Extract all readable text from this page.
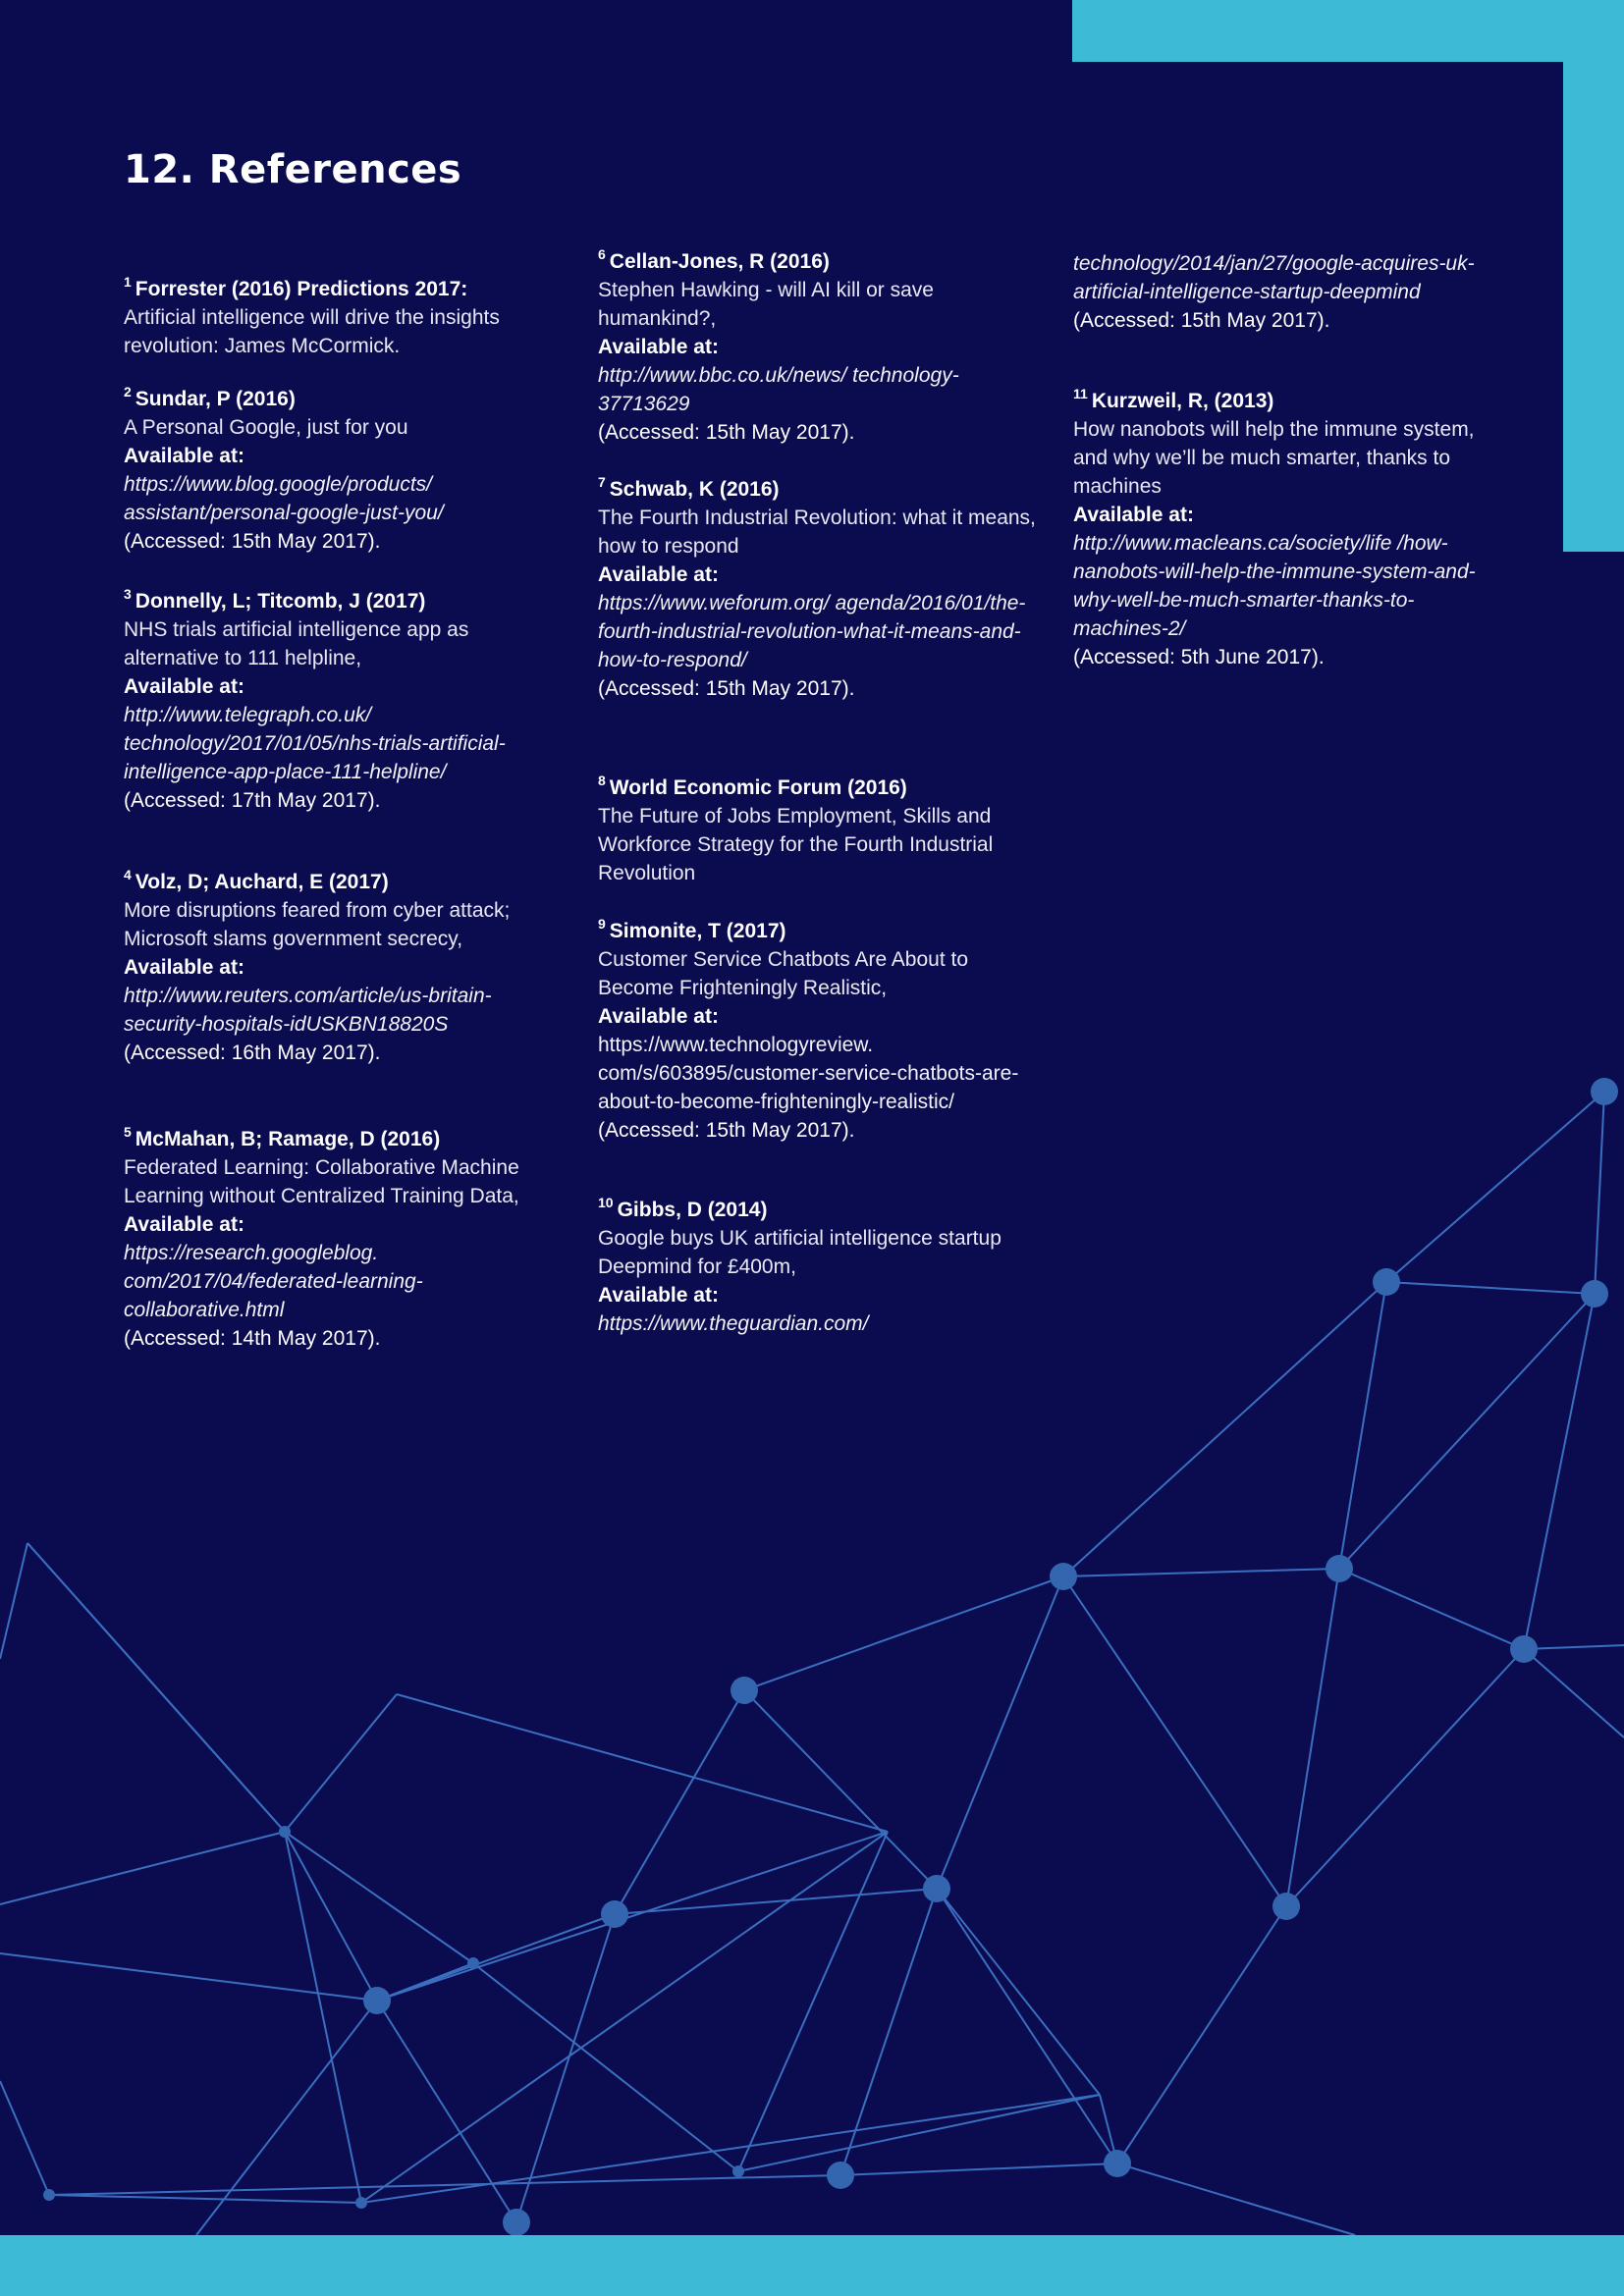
12. References
$^1$ Forrester (2016) Predictions 2017:
Artificial intelligence will drive the insights revolution: James McCormick.
$^2$ Sundar, P (2016)
A Personal Google, just for you
Available at:
https://www.blog.google/products/ assistant/personal-google-just-you/
(Accessed: 15th May 2017).
$^3$ Donnelly, L; Titcomb, J (2017)
NHS trials artificial intelligence app as alternative to 111 helpline,
Available at:
http://www.telegraph.co.uk/ technology/2017/01/05/nhs-trials-artificial-intelligence-app-place-111-helpline/
(Accessed: 17th May 2017).
$^4$ Volz, D; Auchard, E (2017)
More disruptions feared from cyber attack; Microsoft slams government secrecy,
Available at:
http://www.reuters.com/article/us-britain-security-hospitals-idUSKBN18820S
(Accessed: 16th May 2017).
$^5$ McMahan, B; Ramage, D (2016)
Federated Learning: Collaborative Machine Learning without Centralized Training Data,
Available at:
https://research.googleblog. com/2017/04/federated-learning-collaborative.html
(Accessed: 14th May 2017).
$^6$ Cellan-Jones, R (2016)
Stephen Hawking - will AI kill or save humankind?,
Available at:
http://www.bbc.co.uk/news/ technology-37713629
(Accessed: 15th May 2017).
$^7$ Schwab, K (2016)
The Fourth Industrial Revolution: what it means, how to respond
Available at:
https://www.weforum.org/ agenda/2016/01/the-fourth-industrial-revolution-what-it-means-and-how-to-respond/
(Accessed: 15th May 2017).
$^8$ World Economic Forum (2016)
The Future of Jobs Employment, Skills and Workforce Strategy for the Fourth Industrial Revolution
$^9$ Simonite, T (2017)
Customer Service Chatbots Are About to Become Frighteningly Realistic,
Available at:
https://www.technologyreview. com/s/603895/customer-service-chatbots-are-about-to-become-frighteningly-realistic/
(Accessed: 15th May 2017).
$^{10}$ Gibbs, D (2014)
Google buys UK artificial intelligence startup Deepmind for £400m,
Available at:
https://www.theguardian.com/
technology/2014/jan/27/google-acquires-uk-artificial-intelligence-startup-deepmind
(Accessed: 15th May 2017).
$^{11}$ Kurzweil, R, (2013)
How nanobots will help the immune system, and why we’ll be much smarter, thanks to machines
Available at:
http://www.macleans.ca/society/life /how-nanobots-will-help-the-immune-system-and-why-well-be-much-smarter-thanks-to-machines-2/
(Accessed: 5th June 2017).
